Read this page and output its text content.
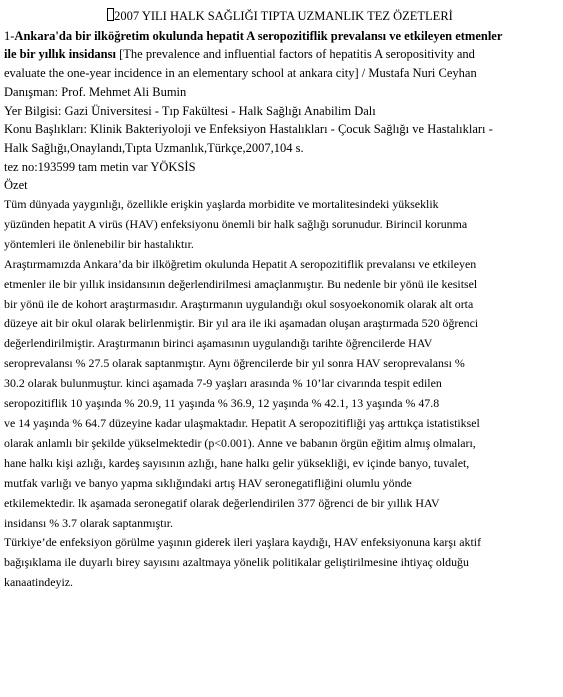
2007 YILI HALK SAĞLIĞI TIPTA UZMANLIK TEZ ÖZETLERİ

1-Ankara'da bir ilköğretim okulunda hepatit A seropozitiflik prevalansı ve etkileyen etmenler

ile bir yıllık insidansı [The prevalence and influential factors of hepatitis A seropositivity and

evaluate the one-year incidence in an elementary school at ankara city] / Mustafa Nuri Ceyhan

Danışman: Prof. Mehmet Ali Bumin

Yer Bilgisi: Gazi Üniversitesi - Tıp Fakültesi - Halk Sağlığı Anabilim Dalı

Konu Başlıkları: Klinik Bakteriyoloji ve Enfeksiyon Hastalıkları - Çocuk Sağlığı ve Hastalıkları -

Halk Sağlığı,Onaylandı,Tıpta Uzmanlık,Türkçe,2007,104 s.

tez no:193599 tam metin var YÖKSİS

Özet

Tüm dünyada yaygınlığı, özellikle erişkin yaşlarda morbidite ve mortalitesindeki yükseklik

yüzünden hepatit A virüs (HAV) enfeksiyonu önemli bir halk sağlığı sorunudur. Birincil korunma

yöntemleri ile önlenebilir bir hastalıktır.

Araştırmamızda Ankara’da bir ilköğretim okulunda Hepatit A seropozitiflik prevalansı ve etkileyen

etmenler ile bir yıllık insidansının değerlendirilmesi amaçlanmıştır. Bu nedenle bir yönü ile kesitsel

bir yönü ile de kohort araştırmasıdır. Araştırmanın uygulandığı okul sosyoekonomik olarak alt orta

düzeye ait bir okul olarak belirlenmiştir. Bir yıl ara ile iki aşamadan oluşan araştırmada 520 öğrenci

değerlendirilmiştir. Araştırmanın birinci aşamasının uygulandığı tarihte öğrencilerde HAV

seroprevalansı % 27.5 olarak saptanmıştır. Aynı öğrencilerde bir yıl sonra HAV seroprevalansı %

30.2 olarak bulunmuştur. kinci aşamada 7-9 yaşları arasında % 10’lar civarında tespit edilen

seropozitiflik 10 yaşında % 20.9, 11 yaşında % 36.9, 12 yaşında % 42.1, 13 yaşında % 47.8

ve 14 yaşında % 64.7 düzeyine kadar ulaşmaktadır. Hepatit A seropozitifliği yaş arttıkça istatistiksel

olarak anlamlı bir şekilde yükselmektedir (p<0.001). Anne ve babanın örgün eğitim almış olmaları,

hane halkı kişi azlığı, kardeş sayısının azlığı, hane halkı gelir yüksekliği, ev içinde banyo, tuvalet,

mutfak varlığı ve banyo yapma sıklığındaki artış HAV seronegatifliğini olumlu yönde

etkilemektedir. lk aşamada seronegatif olarak değerlendirilen 377 öğrenci de bir yıllık HAV

insidansı % 3.7 olarak saptanmıştır.

Türkiye’de enfeksiyon görülme yaşının giderek ileri yaşlara kaydığı, HAV enfeksiyonuna karşı aktif

bağışıklama ile duyarlı birey sayısını azaltmaya yönelik politikalar geliştirilmesine ihtiyaç olduğu

kanaatindeyiz.
